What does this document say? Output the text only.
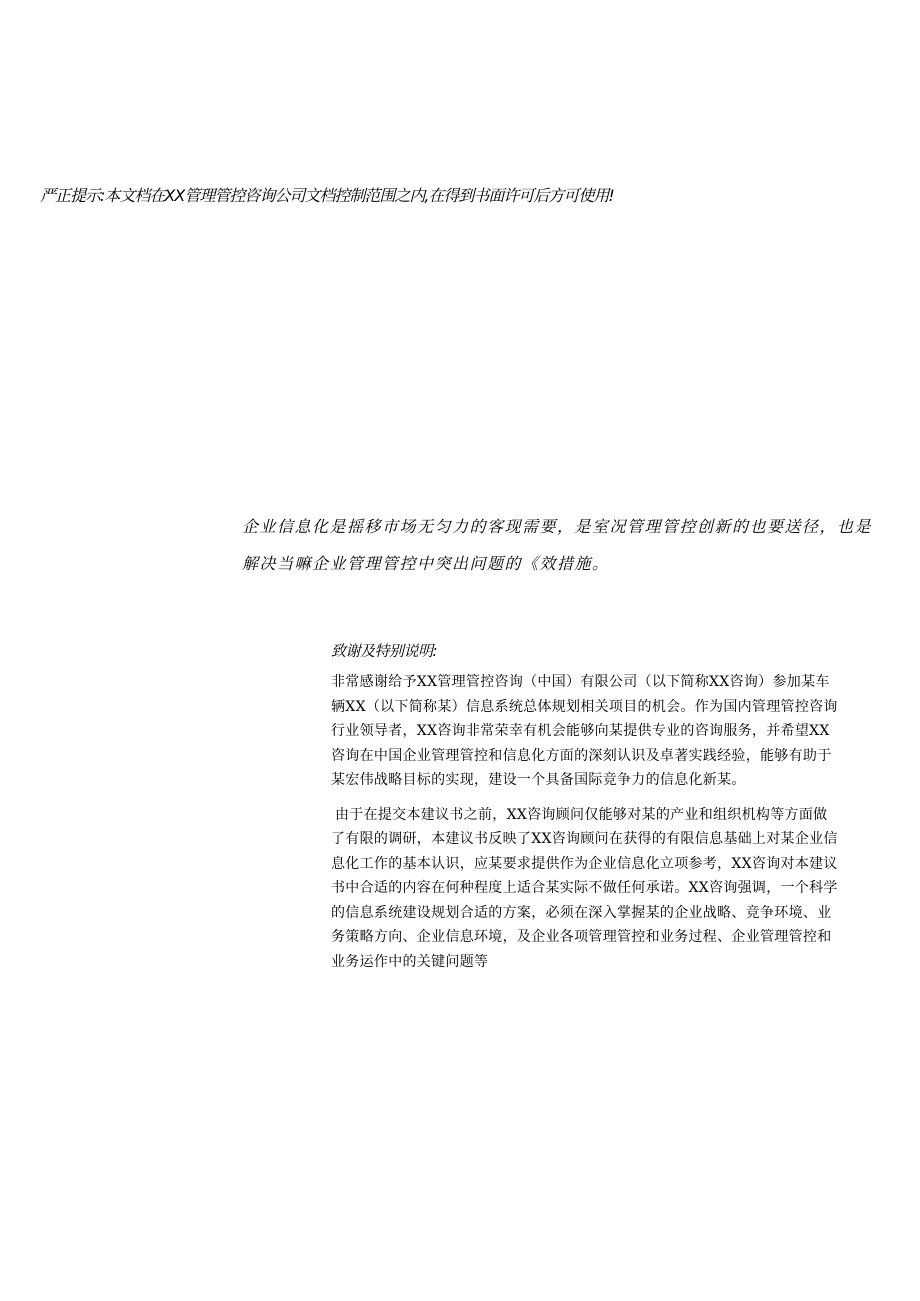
严正提示:本文档在XX管理管控咨询公司文档控制范围之内,在得到书面许可后方可使用!
企业信息化是摇移市场无匀力的客现需要，是室况管理管控创新的也要送径，也是
解决当嘛企业管理管控中突出问题的《效措施。
致谢及特别说明:

非常感谢给予XX管理管控咨询（中国）有限公司（以下简称XX咨询）参加某车
辆XX（以下简称某）信息系统总体规划相关项目的机会。作为国内管理管控咨询
行业领导者，XX咨询非常荣幸有机会能够向某提供专业的咨询服务，并希望XX
咨询在中国企业管理管控和信息化方面的深刻认识及卓著实践经验，能够有助于
某宏伟战略目标的实现，建设一个具备国际竞争力的信息化新某。

由于在提交本建议书之前，XX咨询顾问仅能够对某的产业和组织机构等方面做
了有限的调研，本建议书反映了XX咨询顾问在获得的有限信息基础上对某企业信
息化工作的基本认识，应某要求提供作为企业信息化立项参考，XX咨询对本建议
书中合适的内容在何种程度上适合某实际不做任何承诺。XX咨询强调，一个科学
的信息系统建设规划合适的方案，必须在深入掌握某的企业战略、竞争环境、业
务策略方向、企业信息环境，及企业各项管理管控和业务过程、企业管理管控和
业务运作中的关键问题等
